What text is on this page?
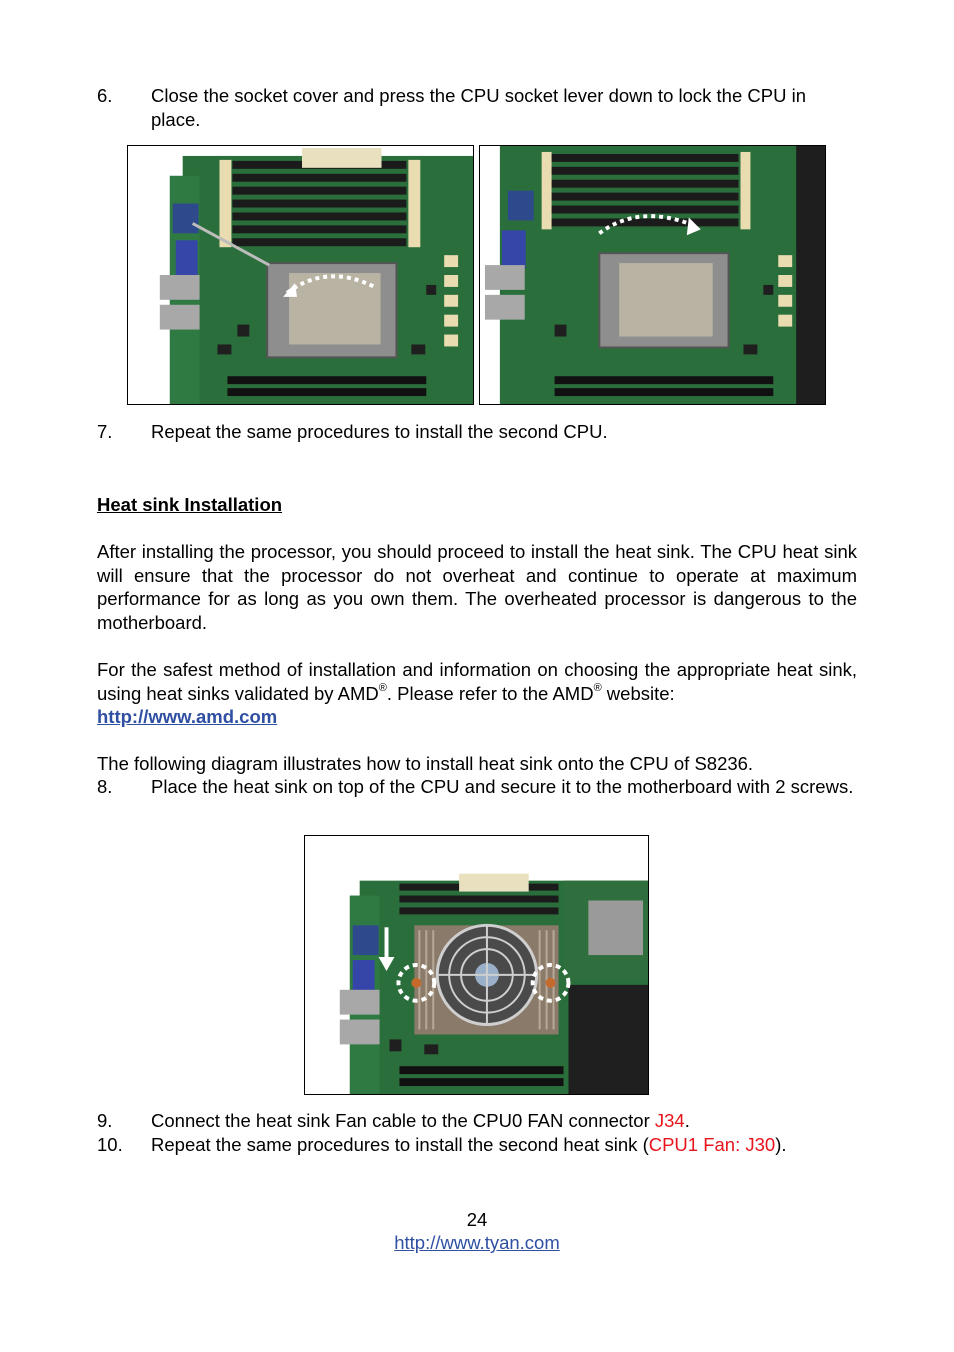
6. Close the socket cover and press the CPU socket lever down to lock the CPU in place.
7. Repeat the same procedures to install the second CPU.
Heat sink Installation
After installing the processor, you should proceed to install the heat sink. The CPU heat sink will ensure that the processor do not overheat and continue to operate at maximum performance for as long as you own them. The overheated processor is dangerous to the motherboard.
For the safest method of installation and information on choosing the appropriate heat sink, using heat sinks validated by AMD®. Please refer to the AMD® website:
http://www.amd.com
The following diagram illustrates how to install heat sink onto the CPU of S8236.
8. Place the heat sink on top of the CPU and secure it to the motherboard with 2 screws.
9. Connect the heat sink Fan cable to the CPU0 FAN connector J34.
10. Repeat the same procedures to install the second heat sink (CPU1 Fan: J30).
24
http://www.tyan.com
